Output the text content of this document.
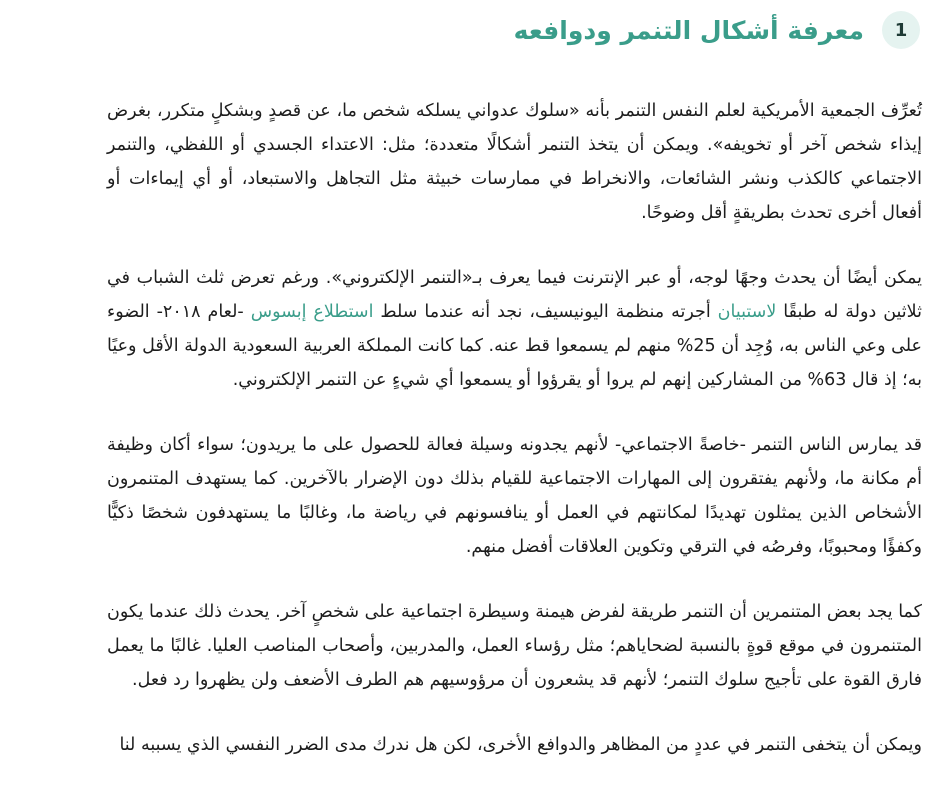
1
معرفة أشكال التنمر ودوافعه

تُعرِّف الجمعية الأمريكية لعلم النفس التنمر بأنه «سلوك عدواني يسلكه شخص ما، عن قصدٍ وبشكلٍ متكرر، بغرض إيذاء شخص آخر أو تخويفه». ويمكن أن يتخذ التنمر أشكالًا متعددة؛ مثل: الاعتداء الجسدي أو اللفظي، والتنمر الاجتماعي كالكذب ونشر الشائعات، والانخراط في ممارسات خبيثة مثل التجاهل والاستبعاد، أو أي إيماءات أو أفعال أخرى تحدث بطريقةٍ أقل وضوحًا.

يمكن أيضًا أن يحدث وجهًا لوجه، أو عبر الإنترنت فيما يعرف بـ«التنمر الإلكتروني». ورغم تعرض ثلث الشباب في ثلاثين دولة له طبقًا لاستبيان أجرته منظمة اليونيسيف، نجد أنه عندما سلط استطلاع إبسوس -لعام ٢٠١٨- الضوء على وعي الناس به، وُجِد أن 25% منهم لم يسمعوا قط عنه. كما كانت المملكة العربية السعودية الدولة الأقل وعيًا به؛ إذ قال 63% من المشاركين إنهم لم يروا أو يقرؤوا أو يسمعوا أي شيءٍ عن التنمر الإلكتروني.

قد يمارس الناس التنمر -خاصةً الاجتماعي- لأنهم يجدونه وسيلة فعالة للحصول على ما يريدون؛ سواء أكان وظيفة أم مكانة ما، ولأنهم يفتقرون إلى المهارات الاجتماعية للقيام بذلك دون الإضرار بالآخرين. كما يستهدف المتنمرون الأشخاص الذين يمثلون تهديدًا لمكانتهم في العمل أو ينافسونهم في رياضة ما، وغالبًا ما يستهدفون شخصًا ذكيًّا وكفؤًا ومحبوبًا، وفرصُه في الترقي وتكوين العلاقات أفضل منهم.

كما يجد بعض المتنمرين أن التنمر طريقة لفرض هيمنة وسيطرة اجتماعية على شخصٍ آخر. يحدث ذلك عندما يكون المتنمرون في موقع قوةٍ بالنسبة لضحاياهم؛ مثل رؤساء العمل، والمدربين، وأصحاب المناصب العليا. غالبًا ما يعمل فارق القوة على تأجيج سلوك التنمر؛ لأنهم قد يشعرون أن مرؤوسيهم هم الطرف الأضعف ولن يظهروا رد فعل.

ويمكن أن يتخفى التنمر في عددٍ من المظاهر والدوافع الأخرى، لكن هل ندرك مدى الضرر النفسي الذي يسببه لنا
